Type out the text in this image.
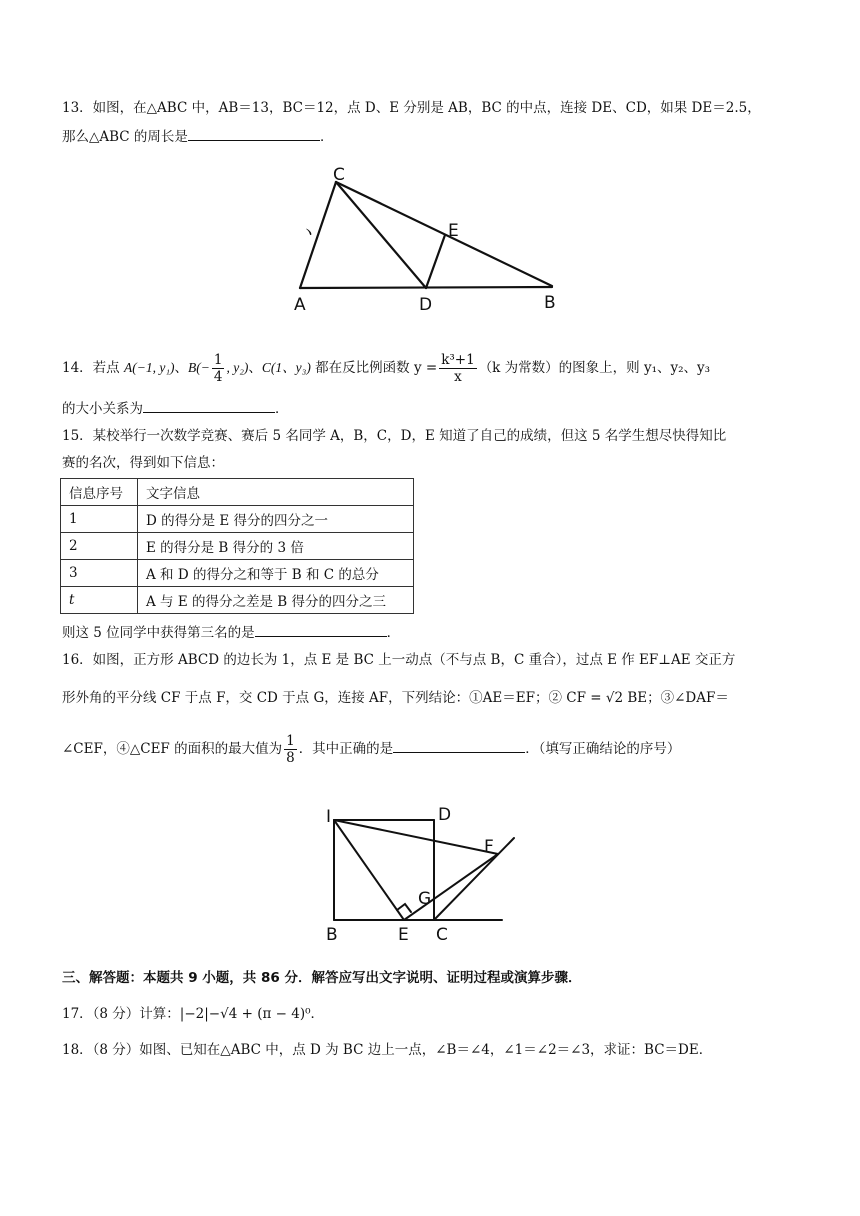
13．如图，在△ABC 中，AB＝13，BC＝12，点 D、E 分别是 AB，BC 的中点，连接 DE、CD，如果 DE＝2.5，
那么△ABC 的周长是	．
C
E
A	D	B
ヽ
14．若点 A(−1, y₁)、$B(- \frac{1}{4}$ , y₂)、C(1、y₃) 都在反比例函数 $y = \frac{\text{k³+1}}{x} (k$ 为常数）的图象上，则 y₁、y₂、y₃
的大小关系为	．
15．某校举行一次数学竞赛、赛后 5 名同学 A，B，C，D，E 知道了自己的成绩，但这 5 名学生想尽快得知比
赛的名次，得到如下信息：
信息序号	文字信息
1	D 的得分是 E 得分的四分之一
2	E 的得分是 B 得分的 3 倍
3	A 和 D 的得分之和等于 B 和 C 的总分
t	A 与 E 的得分之差是 B 得分的四分之三
则这 5 位同学中获得第三名的是	．
16．如图，正方形 ABCD 的边长为 1，点 E 是 BC 上一动点（不与点 B，C 重合），过点 E 作 EF⊥AE 交正方
形外角的平分线 CF 于点 F，交 CD 于点 G，连接 AF，下列结论：①AE＝EF；② CF = √2 BE；③∠DAF＝
∠CEF，④△CEF 的面积的最大值为 $\frac{1}{8}$ ．其中正确的是	．（填写正确结论的序号）
I	D
F
G
B	E C
三、解答题：本题共 9 小题，共 86 分．解答应写出文字说明、证明过程或演算步骤．
17．（8 分）计算：|−2|−√4 + (π − 4)⁰．
18．（8 分）如图、已知在△ABC 中，点 D 为 BC 边上一点，∠B＝∠4，∠1＝∠2＝∠3，求证：BC＝DE．
